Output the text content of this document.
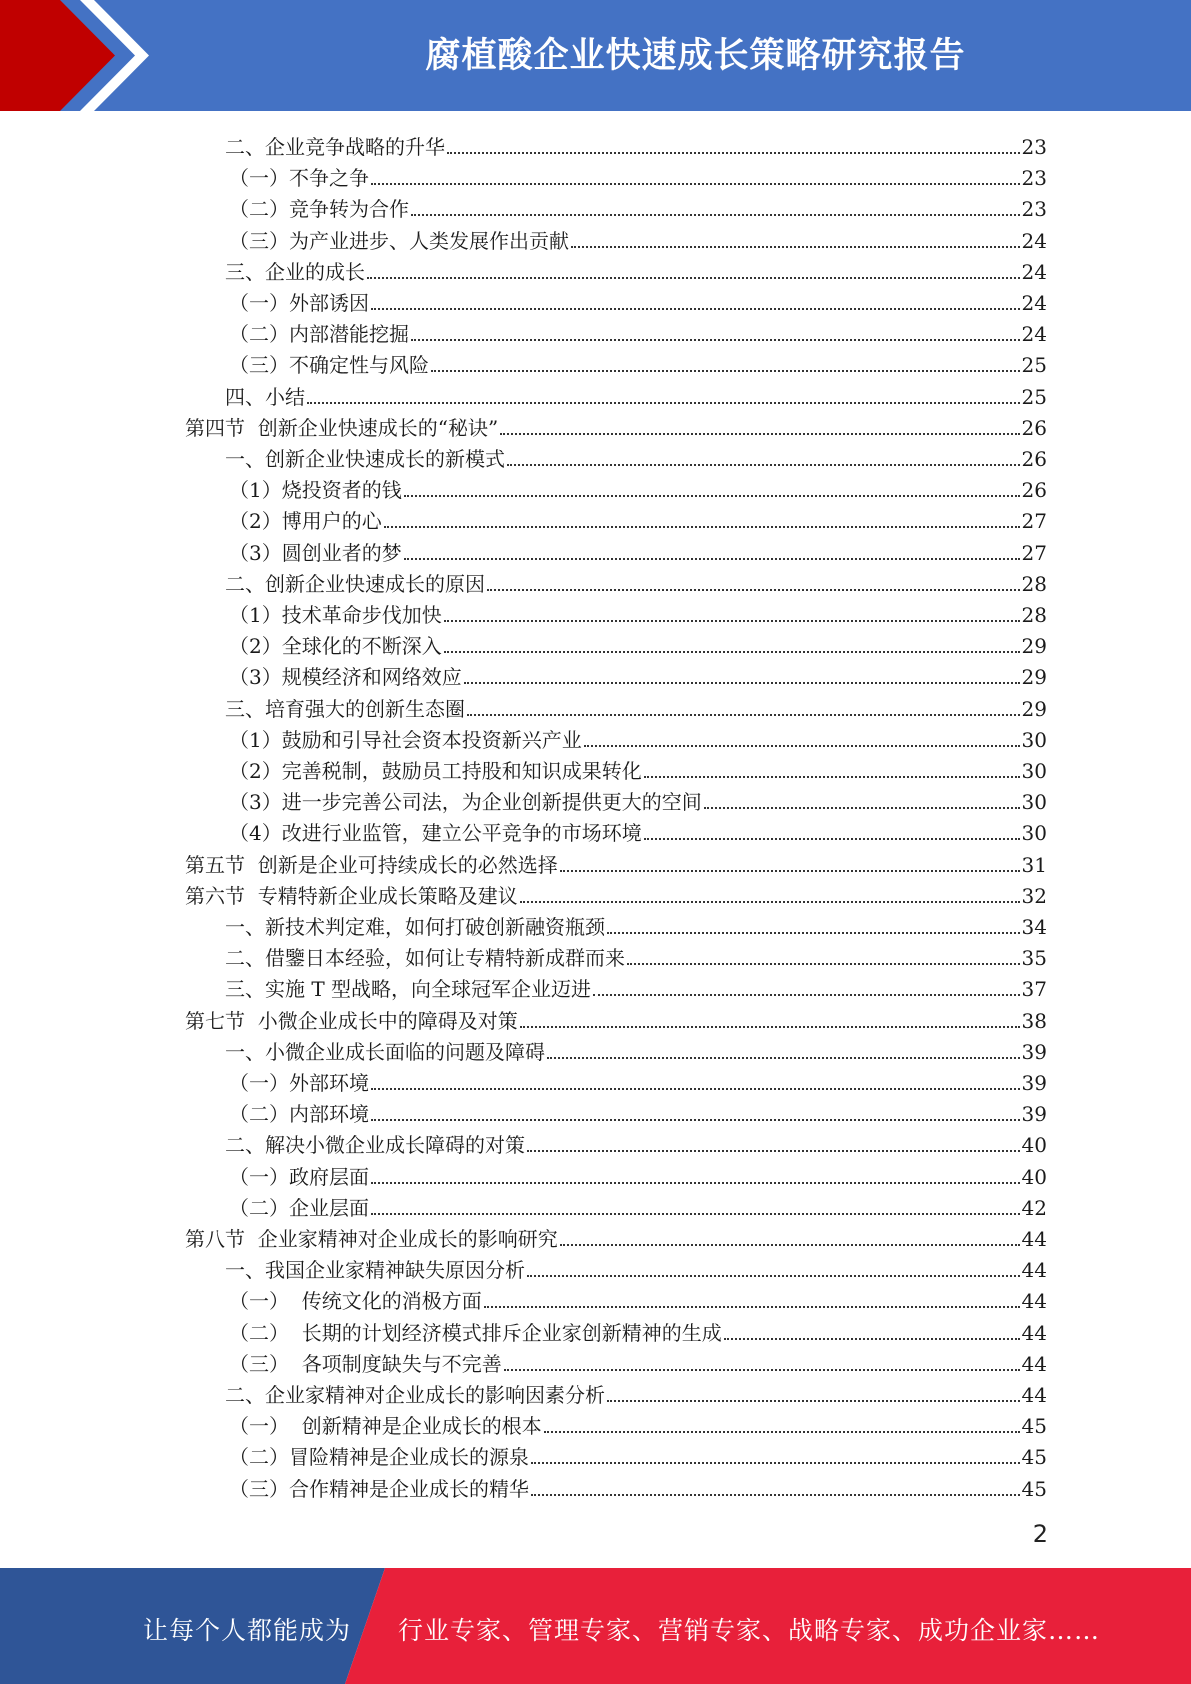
腐植酸企业快速成长策略研究报告
二、企业竞争战略的升华	23
（一）不争之争	23
（二）竞争转为合作	23
（三）为产业进步、人类发展作出贡献	24
三、企业的成长	24
（一）外部诱因	24
（二）内部潜能挖掘	24
（三）不确定性与风险	25
四、小结	25
第四节  创新企业快速成长的“秘诀”	26
一、创新企业快速成长的新模式	26
（1）烧投资者的钱	26
（2）博用户的心	27
（3）圆创业者的梦	27
二、创新企业快速成长的原因	28
（1）技术革命步伐加快	28
（2）全球化的不断深入	29
（3）规模经济和网络效应	29
三、培育强大的创新生态圈	29
（1）鼓励和引导社会资本投资新兴产业	30
（2）完善税制，鼓励员工持股和知识成果转化	30
（3）进一步完善公司法，为企业创新提供更大的空间	30
（4）改进行业监管，建立公平竞争的市场环境	30
第五节  创新是企业可持续成长的必然选择	31
第六节  专精特新企业成长策略及建议	32
一、新技术判定难，如何打破创新融资瓶颈	34
二、借鑒日本经验，如何让专精特新成群而来	35
三、实施 T 型战略，向全球冠军企业迈进	37
第七节  小微企业成长中的障碍及对策	38
一、小微企业成长面临的问题及障碍	39
（一）外部环境	39
（二）内部环境	39
二、解决小微企业成长障碍的对策	40
（一）政府层面	40
（二）企业层面	42
第八节  企业家精神对企业成长的影响研究	44
一、我国企业家精神缺失原因分析	44
（一）  传统文化的消极方面	44
（二）  长期的计划经济模式排斥企业家创新精神的生成	44
（三）  各项制度缺失与不完善	44
二、企业家精神对企业成长的影响因素分析	44
（一）  创新精神是企业成长的根本	45
（二）冒险精神是企业成长的源泉	45
（三）合作精神是企业成长的精华	45
2
让每个人都能成为 行业专家、管理专家、营销专家、战略专家、成功企业家……
